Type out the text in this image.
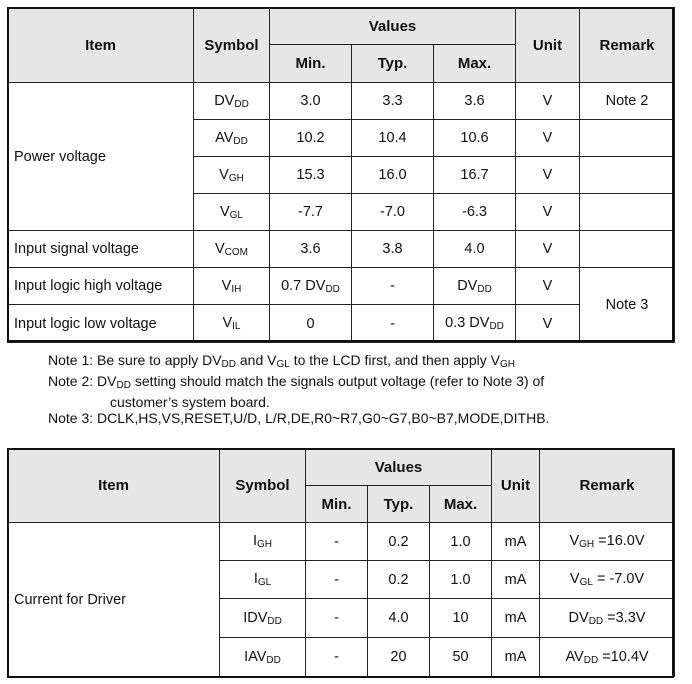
Item	Symbol	Values			Unit	Remark
		Min.	Typ.	Max.		
Power voltage	$DV_{DD}$	3.0	3.3	3.6	V	Note 2
	$AV_{DD}$	10.2	10.4	10.6	V	
	$V_{GH}$	15.3	16.0	16.7	V	
	$V_{GL}$	-7.7	-7.0	-6.3	V	
Input signal voltage	$V_{COM}$	3.6	3.8	4.0	V	
Input logic high voltage	$V_{IH}$	0.7 $DV_{DD}$	-	$DV_{DD}$	V	Note 3
Input logic low voltage	$V_{IL}$	0	-	0.3 $DV_{DD}$	V	
Note 1: Be sure to apply $DV_{DD}$ and $V_{GL}$ to the LCD first, and then apply $V_{GH}$
Note 2: $DV_{DD}$ setting should match the signals output voltage (refer to Note 3) of
customer’s system board.
Note 3: DCLK,HS,VS,RESET,U/D, L/R,DE,R0~R7,G0~G7,B0~B7,MODE,DITHB.
Item	Symbol	Values			Unit	Remark
		Min.	Typ.	Max.		
Current for Driver	$I_{GH}$	-	0.2	1.0	mA	$V_{GH} =16.0V$
	$I_{GL}$	-	0.2	1.0	mA	$V_{GL} = -7.0V$
	$IDV_{DD}$	-	4.0	10	mA	$DV_{DD} =3.3V$
	$IAV_{DD}$	-	20	50	mA	$AV_{DD} =10.4V$
